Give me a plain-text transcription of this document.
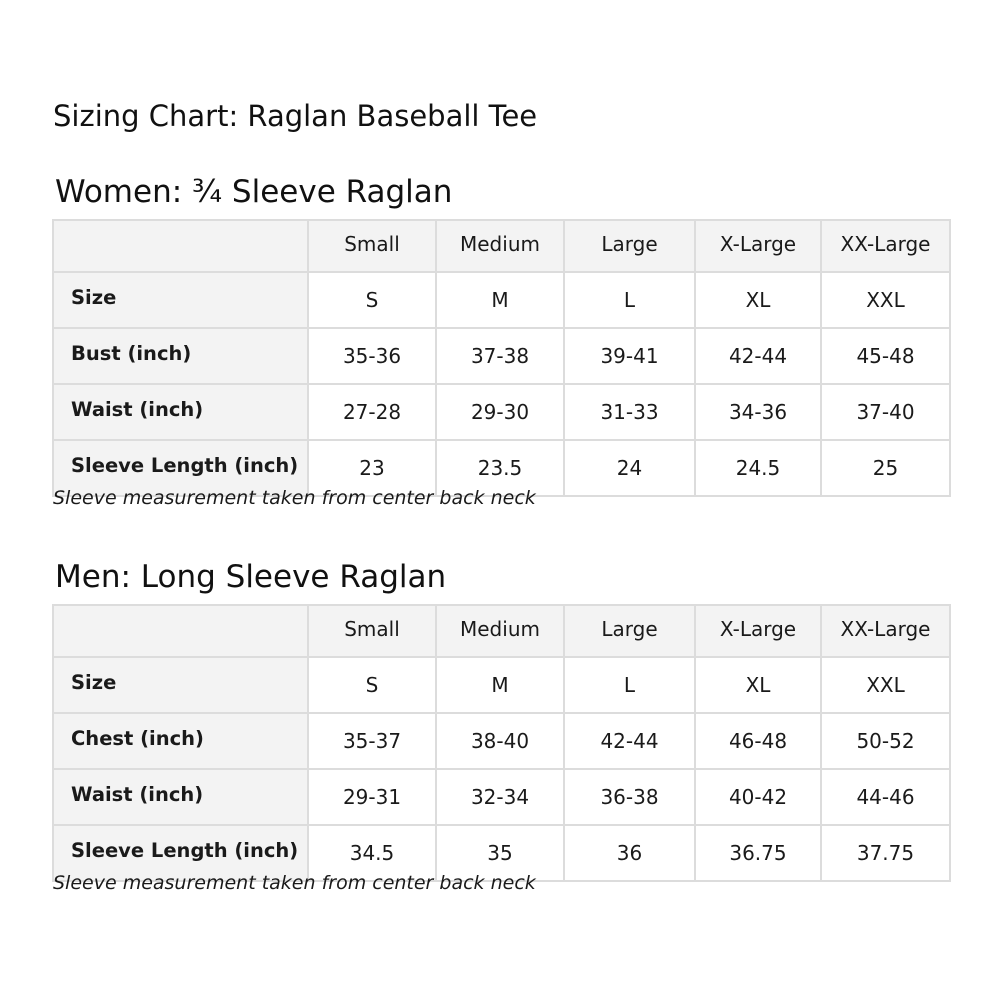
Sizing Chart: Raglan Baseball Tee
Women: ¾ Sleeve Raglan
	Small	Medium	Large	X-Large	XX-Large
Size	S	M	L	XL	XXL
Bust (inch)	35-36	37-38	39-41	42-44	45-48
Waist (inch)	27-28	29-30	31-33	34-36	37-40
Sleeve Length (inch)	23	23.5	24	24.5	25

Sleeve measurement taken from center back neck

Men: Long Sleeve Raglan
	Small	Medium	Large	X-Large	XX-Large
Size	S	M	L	XL	XXL
Chest (inch)	35-37	38-40	42-44	46-48	50-52
Waist (inch)	29-31	32-34	36-38	40-42	44-46
Sleeve Length (inch)	34.5	35	36	36.75	37.75

Sleeve measurement taken from center back neck
